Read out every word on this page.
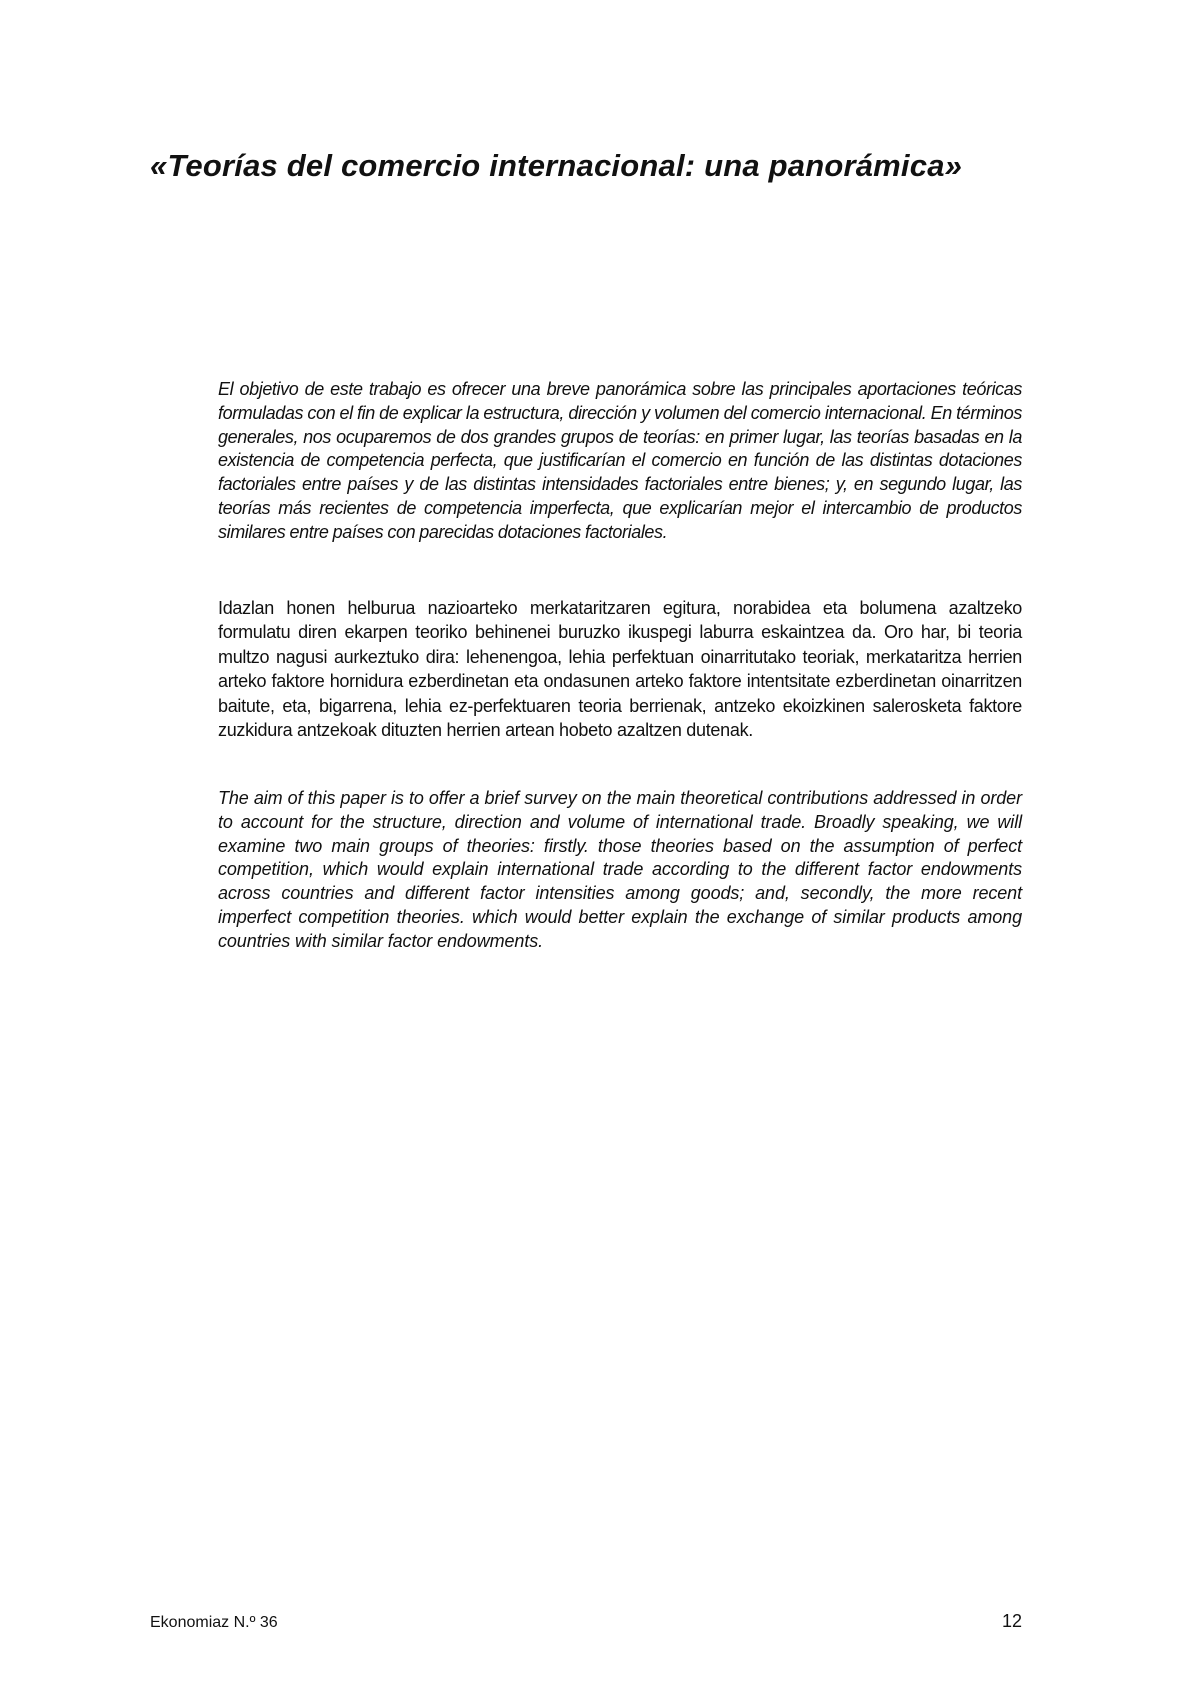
«Teorías del comercio internacional: una panorámica»

El objetivo de este trabajo es ofrecer una breve panorámica sobre las principales aportaciones teóricas formuladas con el fin de explicar la estructura, dirección y volumen del comercio internacional. En términos generales, nos ocuparemos de dos grandes grupos de teorías: en primer lugar, las teorías basadas en la existencia de competencia perfecta, que justificarían el comercio en función de las distintas dotaciones factoriales entre países y de las distintas intensidades factoriales entre bienes; y, en segundo lugar, las teorías más recientes de competencia imperfecta, que explicarían mejor el intercambio de productos similares entre países con parecidas dotaciones factoriales.

Idazlan honen helburua nazioarteko merkataritzaren egitura, norabidea eta bolumena azaltzeko formulatu diren ekarpen teoriko behinenei buruzko ikuspegi laburra eskaintzea da. Oro har, bi teoria multzo nagusi aurkeztuko dira: lehenengoa, lehia perfektuan oinarritutako teoriak, merkataritza herrien arteko faktore hornidura ezberdinetan eta ondasunen arteko faktore intentsitate ezberdinetan oinarritzen baitute, eta, bigarrena, lehia ez-perfektuaren teoria berrienak, antzeko ekoizkinen salerosketa faktore zuzkidura antzekoak dituzten herrien artean hobeto azaltzen dutenak.

The aim of this paper is to offer a brief survey on the main theoretical contributions addressed in order to account for the structure, direction and volume of international trade. Broadly speaking, we will examine two main groups of theories: firstly. those theories based on the assumption of perfect competition, which would explain international trade according to the different factor endowments across countries and different factor intensities among goods; and, secondly, the more recent imperfect competition theories. which would better explain the exchange of similar products among countries with similar factor endowments.

Ekonomiaz N.º 36	12
